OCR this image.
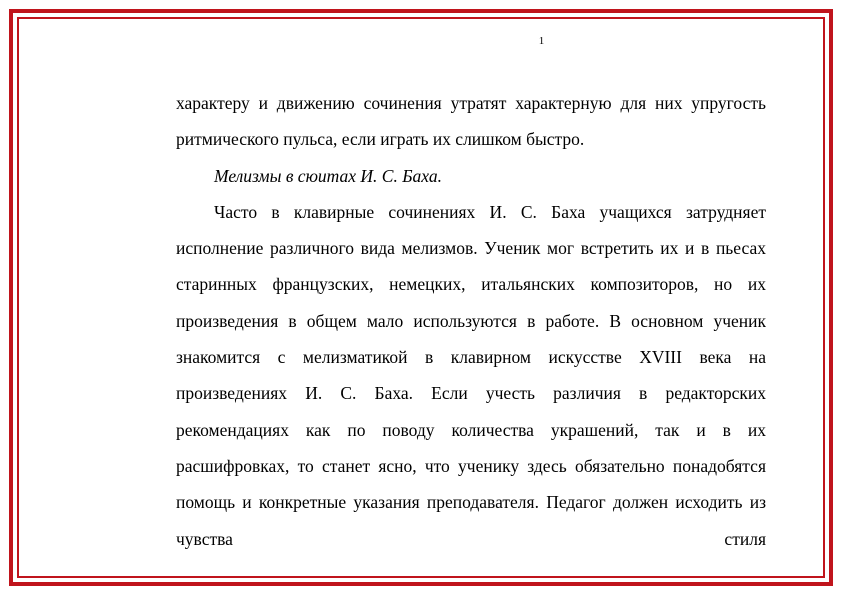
1

характеру и движению сочинения утратят характерную для них упругость ритмического пульса, если играть их слишком быстро.

Мелизмы в сюитах И. С. Баха.

Часто в клавирные сочинениях И. С. Баха учащихся затрудняет исполнение различного вида мелизмов. Ученик мог встретить их и в пьесах старинных французских, немецких, итальянских композиторов, но их произведения в общем мало используются в работе. В основном ученик знакомится с мелизматикой в клавирном искусстве XVIII века на произведениях И. С. Баха. Если учесть различия в редакторских рекомендациях как по поводу количества украшений, так и в их расшифровках, то станет ясно, что ученику здесь обязательно понадобятся помощь и конкретные указания преподавателя. Педагог должен исходить из чувства стиля
